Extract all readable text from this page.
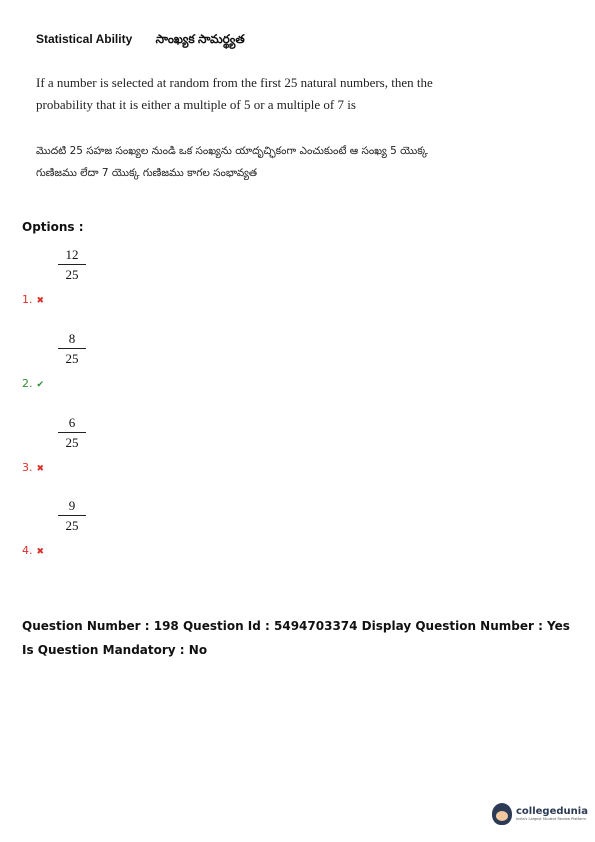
Statistical Ability సాంఖ్యక సామర్థ్యత
If a number is selected at random from the first 25 natural numbers, then the probability that it is either a multiple of 5 or a multiple of 7 is
మొదటి 25 సహజ సంఖ్యల నుండి ఒక సంఖ్యను యాదృచ్ఛికంగా ఎంచుకుంటే ఆ సంఖ్య 5 యొక్క గుణిజము లేదా 7 యొక్క గుణిజము కాగల సంభావ్యత
Options :
12
25
1. ✖
8
25
2. ✔
6
25
3. ✖
9
25
4. ✖
Question Number : 198 Question Id : 5494703374 Display Question Number : Yes Is Question Mandatory : No
collegedunia
India's Largest Student Review Platform
